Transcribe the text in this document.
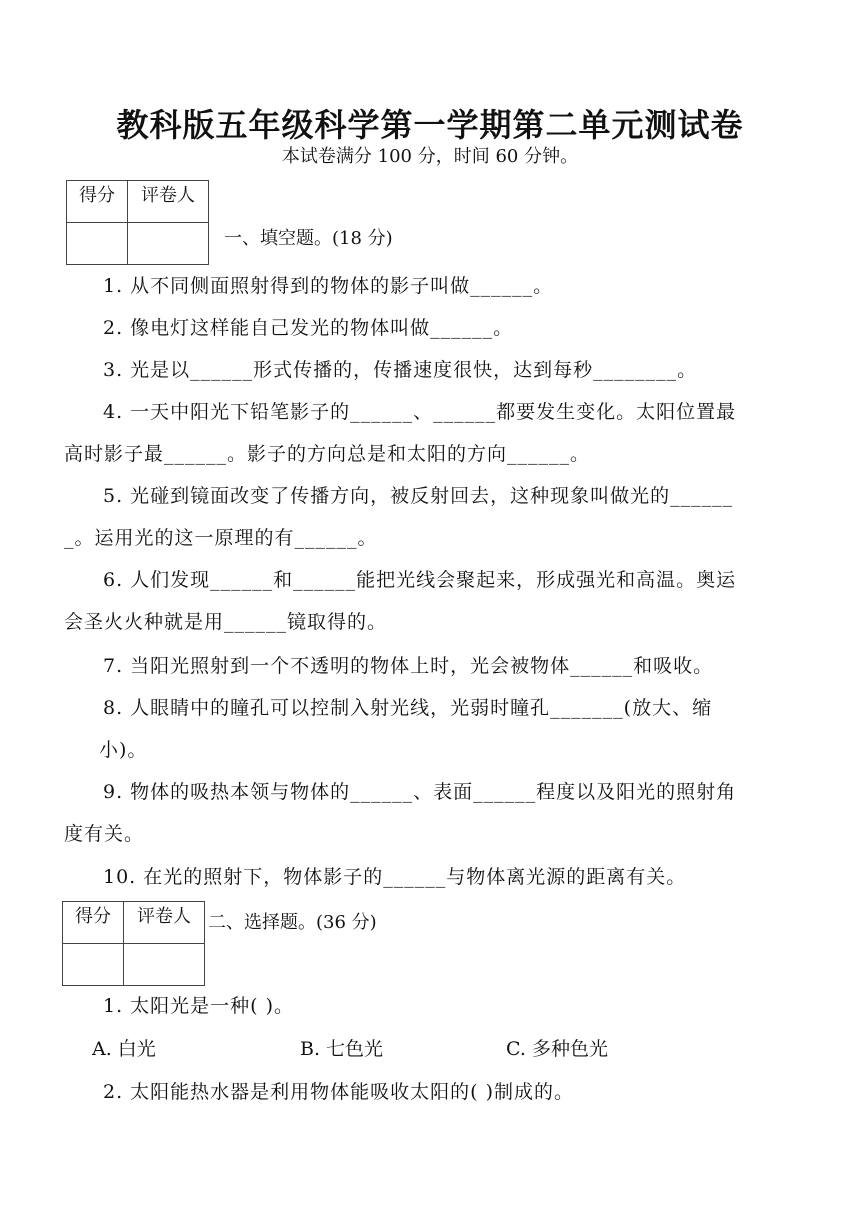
教科版五年级科学第一学期第二单元测试卷
本试卷满分 100 分，时间 60 分钟。
得分	评卷人

一、填空题。(18 分)
1. 从不同侧面照射得到的物体的影子叫做______。
2. 像电灯这样能自己发光的物体叫做______。
3. 光是以______形式传播的，传播速度很快，达到每秒________。
4. 一天中阳光下铅笔影子的______、______都要发生变化。太阳位置最
高时影子最______。影子的方向总是和太阳的方向______。
5. 光碰到镜面改变了传播方向，被反射回去，这种现象叫做光的______
_。运用光的这一原理的有______。
6. 人们发现______和______能把光线会聚起来，形成强光和高温。奥运
会圣火火种就是用______镜取得的。
7. 当阳光照射到一个不透明的物体上时，光会被物体______和吸收。
8. 人眼睛中的瞳孔可以控制入射光线，光弱时瞳孔_______(放大、缩
小)。
9. 物体的吸热本领与物体的______、表面______程度以及阳光的照射角
度有关。
10. 在光的照射下，物体影子的______与物体离光源的距离有关。
得分	评卷人
	二、选择题。(36 分)
1. 太阳光是一种( )。
A. 白光	B. 七色光	C. 多种色光
2. 太阳能热水器是利用物体能吸收太阳的( )制成的。
